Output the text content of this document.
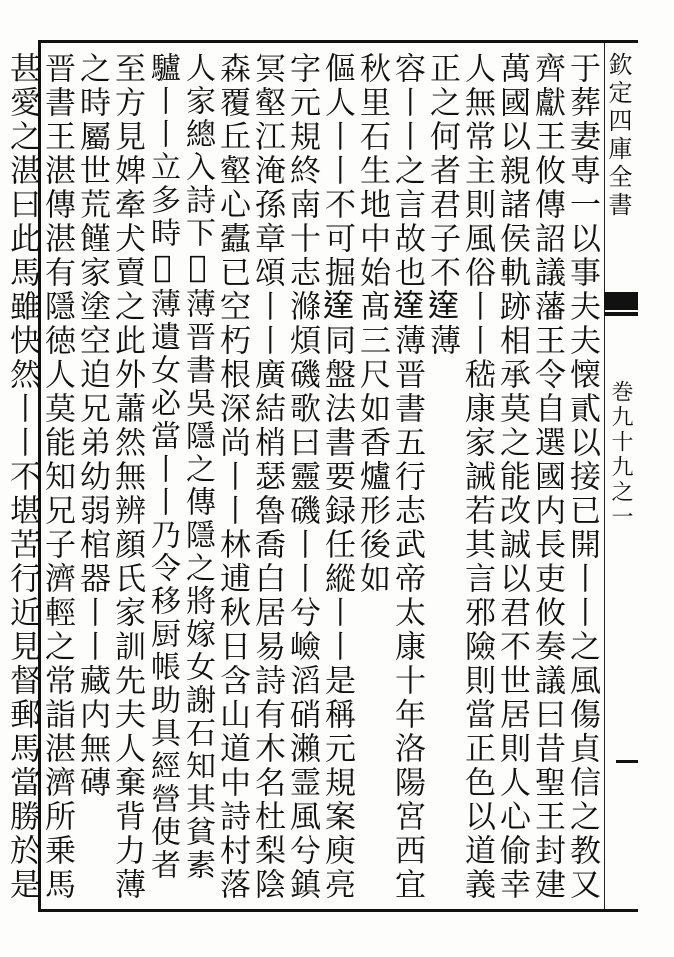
欽定四庫全書
巻九十九之一
于葬妻専一以事夫夫懐貳以接已開丨丨之風傷貞信之教又
齊獻王攸傳詔議藩王令自選國内長吏攸奏議曰昔聖王封建
萬國以親諸侯軌跡相承莫之能改誠以君不世居則人心偷幸
人無常主則風俗丨丨嵇康家誡若其言邪險則當正色以道義
正之何者君子不𨔶薄
容丨丨之言故也𨔶薄晋書五行志武帝太康十年洛陽宮西宜
秋里石生地中始髙三尺如香爐形後如
傴人丨丨不可掘𨔶同盤法書要録任縱丨丨是稱元規案庾亮
字元規終南十志滌煩磯歌曰靈磯丨丨兮嶮滔硝瀨霊風兮鎮
冥壑江淹孫章頌丨丨廣結梢瑟魯喬白居易詩有木名杜梨陰
森覆丘壑心蠹已空朽根深尚丨丨林逋秋日含山道中詩村落
人家總入詩下𡪉薄晋書吳隱之傳隱之將嫁女謝石知其貧素
驢丨丨立多時𡪉薄遺女必當丨丨乃令移厨帳助具經營使者
至方見婢牽犬賣之此外蕭然無辨顔氏家訓先夫人棄背力薄
之時屬世荒饉家塗空迫兄弟幼弱棺器丨丨藏内無磚
晋書王湛傳湛有隱徳人莫能知兄子濟輕之常詣湛濟所乗馬
甚愛之湛曰此馬雖快然丨丨不堪苦行近見督郵馬當勝於是
